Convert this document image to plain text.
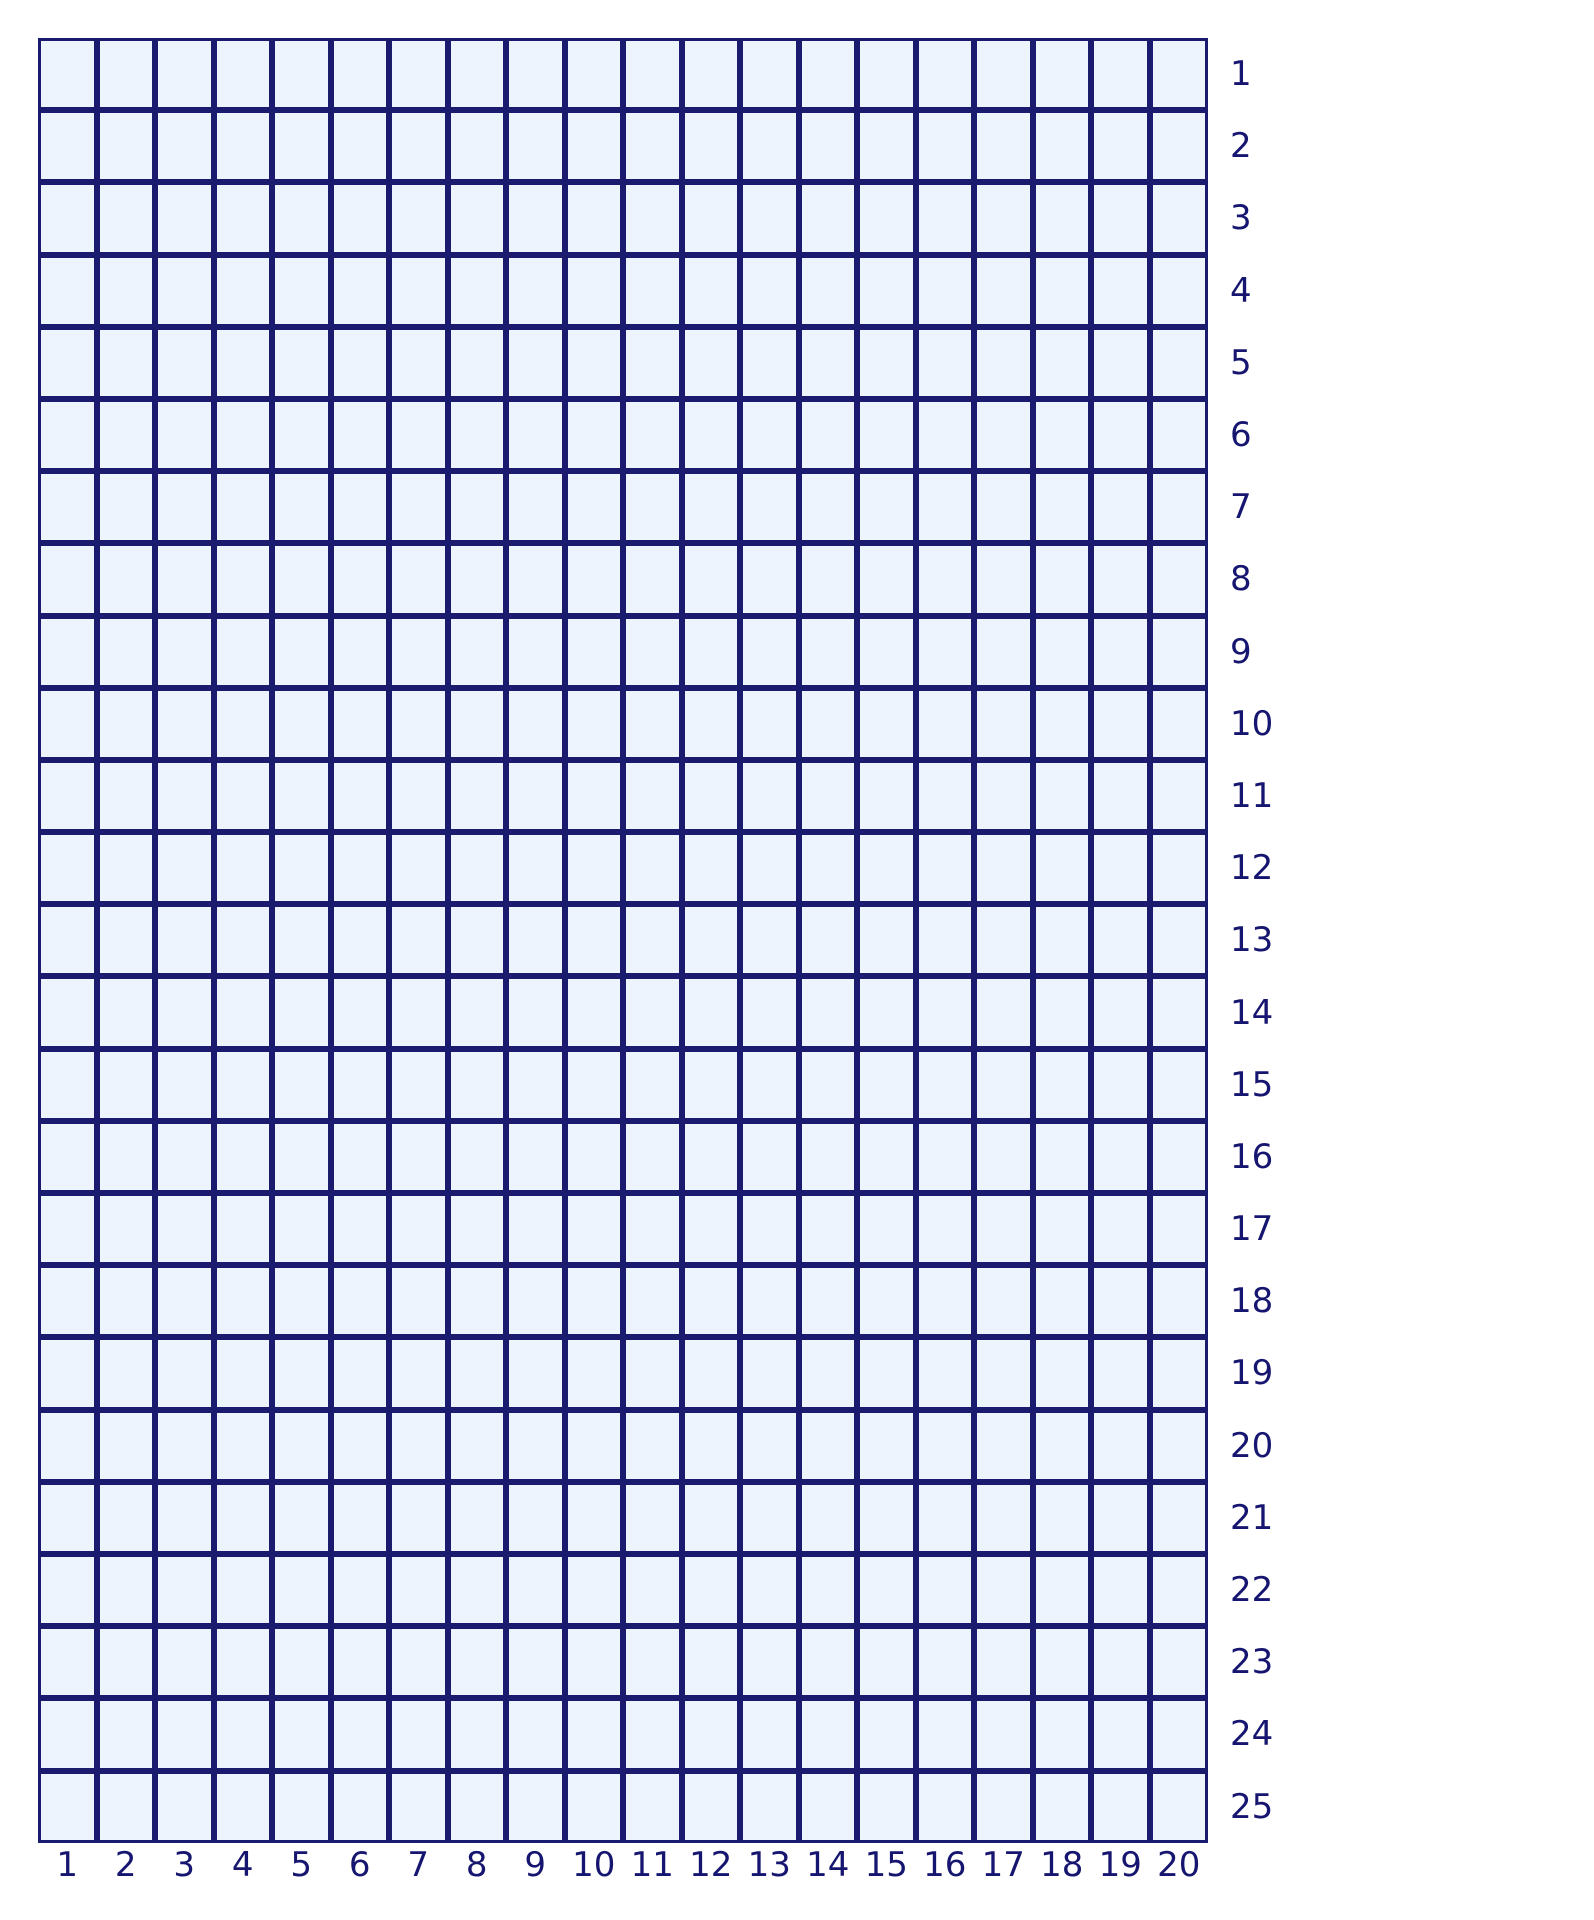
																				1
																				2
																				3
																				4
																				5
																				6
																				7
																				8
																				9
																				10
																				11
																				12
																				13
																				14
																				15
																				16
																				17
																				18
																				19
																				20
																				21
																				22
																				23
																				24
																				25
1	2	3	4	5	6	7	8	9 10 11 12 13 14 15 16 17 18 19 20
